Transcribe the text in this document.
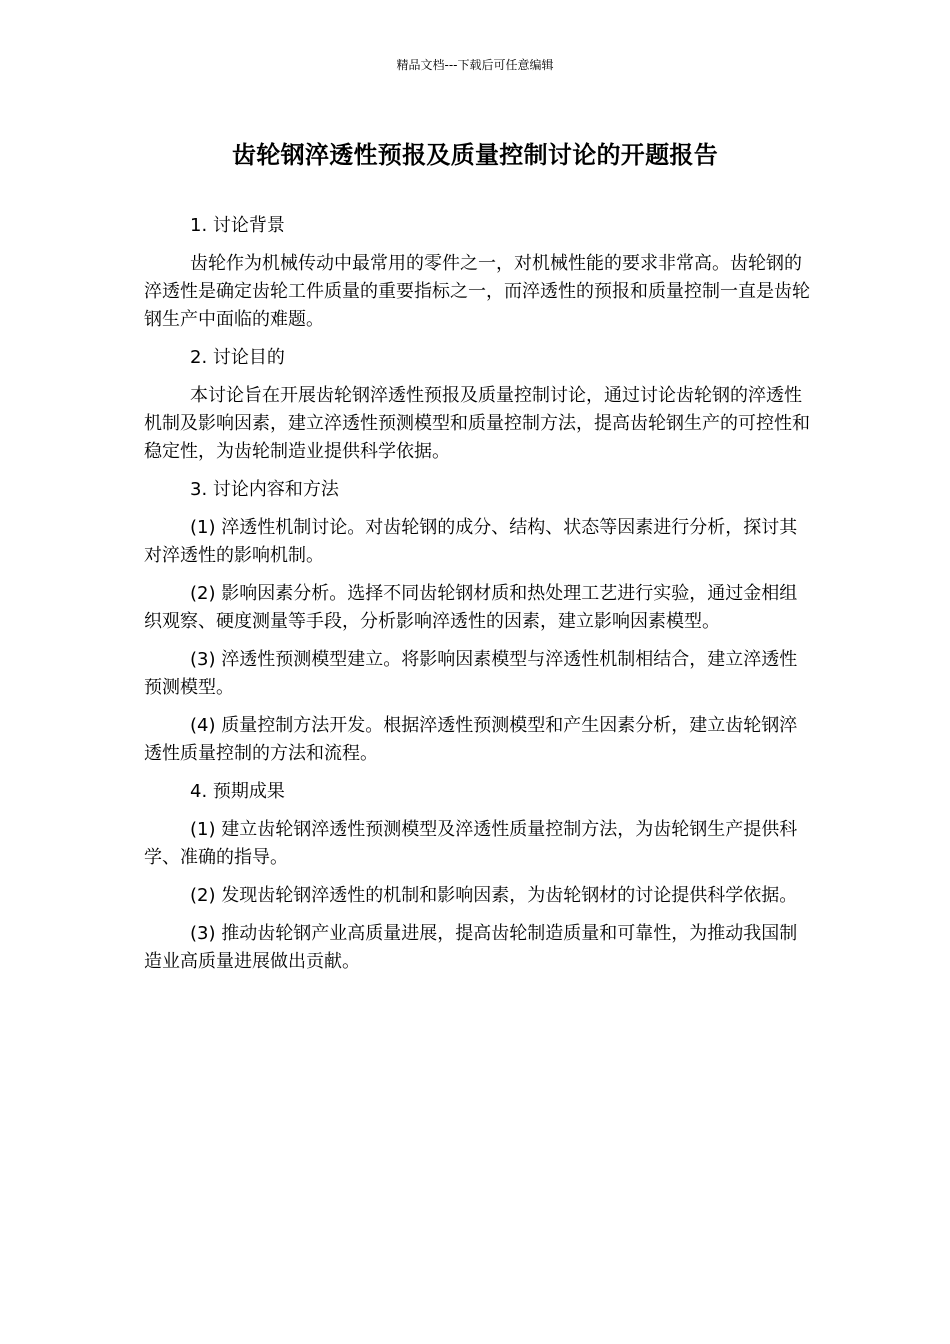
精品文档---下载后可任意编辑
齿轮钢淬透性预报及质量控制讨论的开题报告
1. 讨论背景

齿轮作为机械传动中最常用的零件之一，对机械性能的要求非常高。齿轮钢的淬透性是确定齿轮工件质量的重要指标之一，而淬透性的预报和质量控制一直是齿轮钢生产中面临的难题。

2. 讨论目的

本讨论旨在开展齿轮钢淬透性预报及质量控制讨论，通过讨论齿轮钢的淬透性机制及影响因素，建立淬透性预测模型和质量控制方法，提高齿轮钢生产的可控性和稳定性，为齿轮制造业提供科学依据。

3. 讨论内容和方法

(1) 淬透性机制讨论。对齿轮钢的成分、结构、状态等因素进行分析，探讨其对淬透性的影响机制。

(2) 影响因素分析。选择不同齿轮钢材质和热处理工艺进行实验，通过金相组织观察、硬度测量等手段，分析影响淬透性的因素，建立影响因素模型。

(3) 淬透性预测模型建立。将影响因素模型与淬透性机制相结合，建立淬透性预测模型。

(4) 质量控制方法开发。根据淬透性预测模型和产生因素分析，建立齿轮钢淬透性质量控制的方法和流程。

4. 预期成果

(1) 建立齿轮钢淬透性预测模型及淬透性质量控制方法，为齿轮钢生产提供科学、准确的指导。

(2) 发现齿轮钢淬透性的机制和影响因素，为齿轮钢材的讨论提供科学依据。

(3) 推动齿轮钢产业高质量进展，提高齿轮制造质量和可靠性，为推动我国制造业高质量进展做出贡献。
